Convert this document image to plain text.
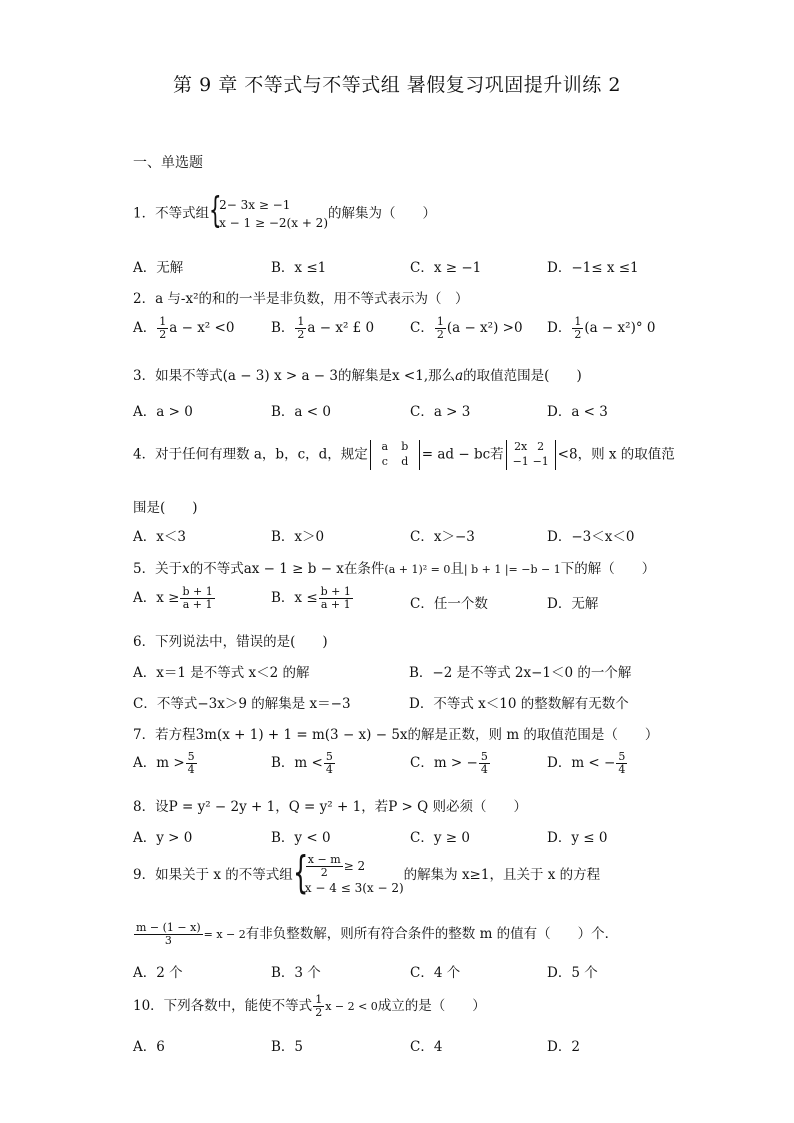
第 9 章 不等式与不等式组 暑假复习巩固提升训练 2
一、单选题
1．不等式组 {
2− 3x ≥ −1
x − 1 ≥ −2(x + 2)
的解集为（　　）
A．无解	B．x ≤1	C．x ≥ −1	D．−1≤ x ≤1
2．a 与-x²的和的一半是非负数，用不等式表示为（　）
A． $\frac{1}{2}$ a − x² <0	B． $\frac{1}{2}$ a − x² £ 0	C． $\frac{1}{2} (a - x^2) >0$ D． $\frac{1}{2} (a - x^2)^\circ$ 0
3．如果不等式(a − 3) x > a − 3的解集是x <1,那么a的取值范围是(　　)
A．a > 0	B．a < 0	C．a > 3	D．a < 3
4．对于任何有理数 a，b，c，d，规定	a b
c d = ad − bc若 2x 2
−1 −1 <8，则 x 的取值范
围是(　　)
A．x＜3	B．x＞0	C．x＞−3	D．−3＜x＜0
5．关于x的不等式ax − 1 ≥ b − x在条件(a + 1)² = 0且| b + 1 |= −b − 1下的解（　　）
A．$x \ge \frac{b + 1}{a + 1}$	B．$x \le \frac{b + 1}{a + 1}$	C．任一个数	D．无解
6．下列说法中，错误的是(　　)
A．x＝1 是不等式 x＜2 的解	B．−2 是不等式 2x−1＜0 的一个解
C．不等式−3x＞9 的解集是 x＝−3	D．不等式 x＜10 的整数解有无数个
7．若方程3m(x + 1) + 1 = m(3 − x) − 5x的解是正数，则 m 的取值范围是（　　）
A．$m > \frac{5}{4}$	B．$m < \frac{5}{4}$	C．m > − $\frac{5}{4}$	D．m < − $\frac{5}{4}$
8．设P = y² − 2y + 1，Q = y² + 1，若P > Q 则必须（　　）
A．y > 0	B．y < 0	C．y ≥ 0	D．y ≤ 0
9．如果关于 x 的不等式组 {
$\frac{x - m}{2} \ge 2$
x − 4 ≤ 3(x − 2)
的解集为 x≥1，且关于 x 的方程
$\frac{m - (1 - x)}{3} = x - 2$有非负整数解，则所有符合条件的整数 m 的值有（　　）个．
A．2 个	B．3 个	C．4 个	D．5 个
10．下列各数中，能使不等式 $\frac{1}{2}$ x − 2 < 0成立的是（　　）
A．6	B．5	C．4	D．2
